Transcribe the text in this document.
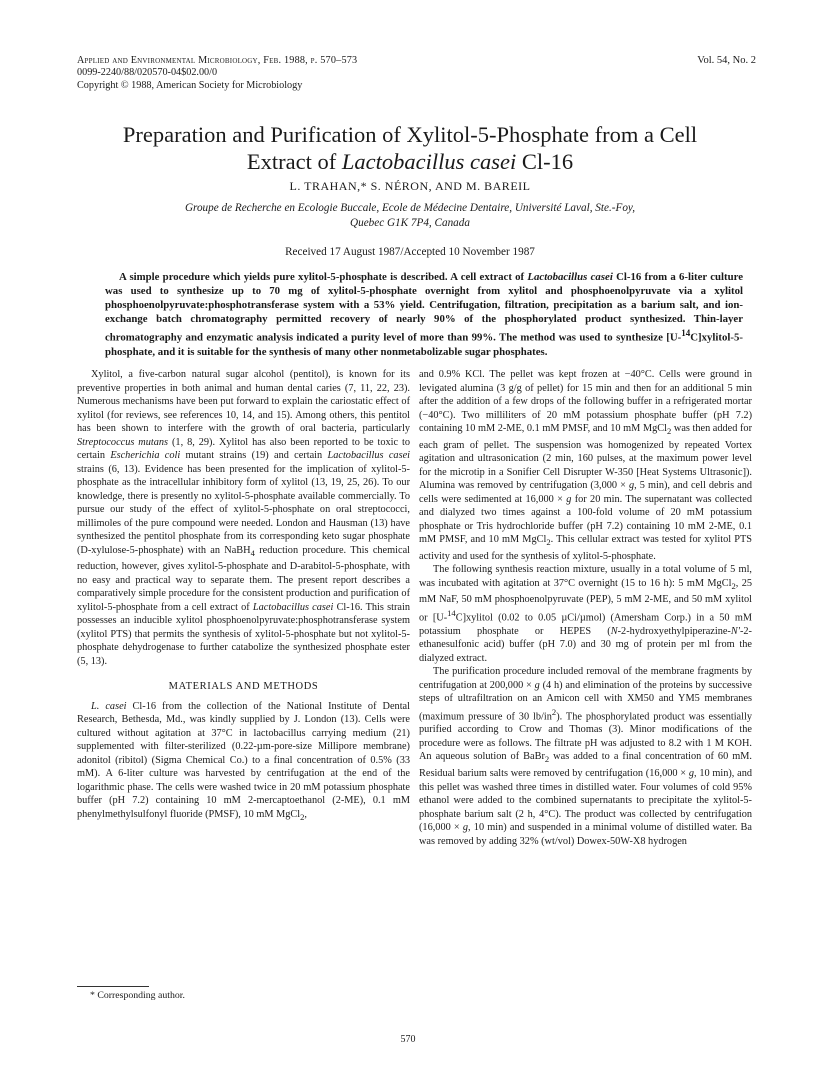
Applied and Environmental Microbiology, Feb. 1988, p. 570–573
0099-2240/88/020570-04$02.00/0
Copyright © 1988, American Society for Microbiology
Vol. 54, No. 2
Preparation and Purification of Xylitol-5-Phosphate from a Cell
Extract of Lactobacillus casei Cl-16
L. TRAHAN,* S. NÉRON, AND M. BAREIL
Groupe de Recherche en Ecologie Buccale, Ecole de Médecine Dentaire, Université Laval, Ste.-Foy,
Quebec G1K 7P4, Canada
Received 17 August 1987/Accepted 10 November 1987
A simple procedure which yields pure xylitol-5-phosphate is described. A cell extract of Lactobacillus casei Cl-16 from a 6-liter culture was used to synthesize up to 70 mg of xylitol-5-phosphate overnight from xylitol and phosphoenolpyruvate via a xylitol phosphoenolpyruvate:phosphotransferase system with a 53% yield. Centrifugation, filtration, precipitation as a barium salt, and ion-exchange batch chromatography permitted recovery of nearly 90% of the phosphorylated product synthesized. Thin-layer chromatography and enzymatic analysis indicated a purity level of more than 99%. The method was used to synthesize [U-$^{14}$C]xylitol-5-phosphate, and it is suitable for the synthesis of many other nonmetabolizable sugar phosphates.

Xylitol, a five-carbon natural sugar alcohol (pentitol), is known for its preventive properties in both animal and human dental caries (7, 11, 22, 23). Numerous mechanisms have been put forward to explain the cariostatic effect of xylitol (for reviews, see references 10, 14, and 15). Among others, this pentitol has been shown to interfere with the growth of oral bacteria, particularly Streptococcus mutans (1, 8, 29). Xylitol has also been reported to be toxic to certain Escherichia coli mutant strains (19) and certain Lactobacillus casei strains (6, 13). Evidence has been presented for the implication of xylitol-5-phosphate as the intracellular inhibitory form of xylitol (13, 19, 25, 26). To our knowledge, there is presently no xylitol-5-phosphate available commercially. To pursue our study of the effect of xylitol-5-phosphate on oral streptococci, millimoles of the pure compound were needed. London and Hausman (13) have synthesized the pentitol phosphate from its corresponding keto sugar phosphate (D-xylulose-5-phosphate) with an NaBH$_4$ reduction procedure. This chemical reduction, however, gives xylitol-5-phosphate and D-arabitol-5-phosphate, with no easy and practical way to separate them. The present report describes a comparatively simple procedure for the consistent production and purification of xylitol-5-phosphate from a cell extract of Lactobacillus casei Cl-16. This strain possesses an inducible xylitol phosphoenolpyruvate:phosphotransferase system (xylitol PTS) that permits the synthesis of xylitol-5-phosphate but not xylitol-5-phosphate dehydrogenase to further catabolize the synthesized phosphate ester (5, 13).

MATERIALS AND METHODS

L. casei Cl-16 from the collection of the National Institute of Dental Research, Bethesda, Md., was kindly supplied by J. London (13). Cells were cultured without agitation at 37°C in lactobacillus carrying medium (21) supplemented with filter-sterilized (0.22-µm-pore-size Millipore membrane) adonitol (ribitol) (Sigma Chemical Co.) to a final concentration of 0.5% (33 mM). A 6-liter culture was harvested by centrifugation at the end of the logarithmic phase. The cells were washed twice in 20 mM potassium phosphate buffer (pH 7.2) containing 10 mM 2-mercaptoethanol (2-ME), 0.1 mM phenylmethylsulfonyl fluoride (PMSF), 10 mM MgCl$_2$,

and 0.9% KCl. The pellet was kept frozen at −40°C. Cells were ground in levigated alumina (3 g/g of pellet) for 15 min and then for an additional 5 min after the addition of a few drops of the following buffer in a refrigerated mortar (−40°C). Two milliliters of 20 mM potassium phosphate buffer (pH 7.2) containing 10 mM 2-ME, 0.1 mM PMSF, and 10 mM MgCl$_2$ was then added for each gram of pellet. The suspension was homogenized by repeated Vortex agitation and ultrasonication (2 min, 160 pulses, at the maximum power level for the microtip in a Sonifier Cell Disrupter W-350 [Heat Systems Ultrasonic]). Alumina was removed by centrifugation (3,000 × g, 5 min), and cell debris and cells were sedimented at 16,000 × g for 20 min. The supernatant was collected and dialyzed two times against a 100-fold volume of 20 mM potassium phosphate or Tris hydrochloride buffer (pH 7.2) containing 10 mM 2-ME, 0.1 mM PMSF, and 10 mM MgCl$_2$. This cellular extract was tested for xylitol PTS activity and used for the synthesis of xylitol-5-phosphate.

The following synthesis reaction mixture, usually in a total volume of 5 ml, was incubated with agitation at 37°C overnight (15 to 16 h): 5 mM MgCl$_2$, 25 mM NaF, 50 mM phosphoenolpyruvate (PEP), 5 mM 2-ME, and 50 mM xylitol or [U-$^{14}$C]xylitol (0.02 to 0.05 µCi/µmol) (Amersham Corp.) in a 50 mM potassium phosphate or HEPES (N-2-hydroxyethylpiperazine-N′-2-ethanesulfonic acid) buffer (pH 7.0) and 30 mg of protein per ml from the dialyzed extract.

The purification procedure included removal of the membrane fragments by centrifugation at 200,000 × g (4 h) and elimination of the proteins by successive steps of ultrafiltration on an Amicon cell with XM50 and YM5 membranes (maximum pressure of 30 $lb/in^2$). The phosphorylated product was essentially purified according to Crow and Thomas (3). Minor modifications of the procedure were as follows. The filtrate pH was adjusted to 8.2 with 1 M KOH. An aqueous solution of BaBr$_2$ was added to a final concentration of 60 mM. Residual barium salts were removed by centrifugation (16,000 × g, 10 min), and this pellet was washed three times in distilled water. Four volumes of cold 95% ethanol were added to the combined supernatants to precipitate the xylitol-5-phosphate barium salt (2 h, 4°C). The product was collected by centrifugation (16,000 × g, 10 min) and suspended in a minimal volume of distilled water. Ba was removed by adding 32% (wt/vol) Dowex-50W-X8 hydrogen

* Corresponding author.
570
